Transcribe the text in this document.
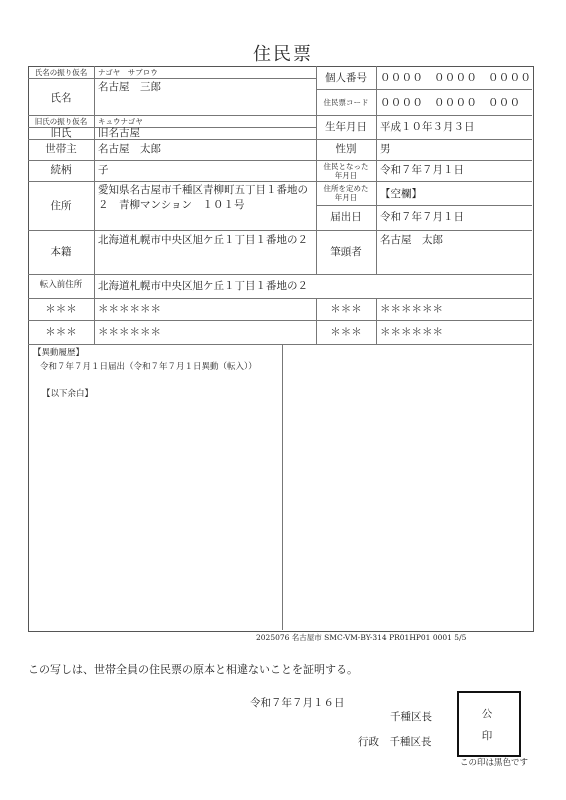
住民票
氏名の振り仮名
氏名
旧氏の振り仮名
旧氏
世帯主
続柄
住所
本籍
転入前住所
＊＊＊
＊＊＊
ナゴヤ　サブロウ
名古屋　三郎
キュウナゴヤ
旧名古屋
名古屋　太郎
子
愛知県名古屋市千種区青柳町五丁目１番地の
２　青柳マンション　１０１号
北海道札幌市中央区旭ケ丘１丁目１番地の２
北海道札幌市中央区旭ケ丘１丁目１番地の２
＊＊＊＊＊＊
＊＊＊＊＊＊
個人番号
住民票コード
生年月日
性別
住民となった
年月日
住所を定めた
年月日
届出日
筆頭者
＊＊＊
＊＊＊
００００　００００　００００
００００　００００　０００
平成１０年３月３日
男
令和７年７月１日
【空欄】
令和７年７月１日
名古屋　太郎
＊＊＊＊＊＊
＊＊＊＊＊＊
【異動履歴】
令和７年７月１日届出（令和７年７月１日異動（転入））
【以下余白】
2025076 名古屋市 SMC-VM-BY-314 PR01HP01 0001 5/5
この写しは、世帯全員の住民票の原本と相違ないことを証明する。
令和７年７月１６日
千種区長
行政　千種区長
公
印
この印は黒色です
